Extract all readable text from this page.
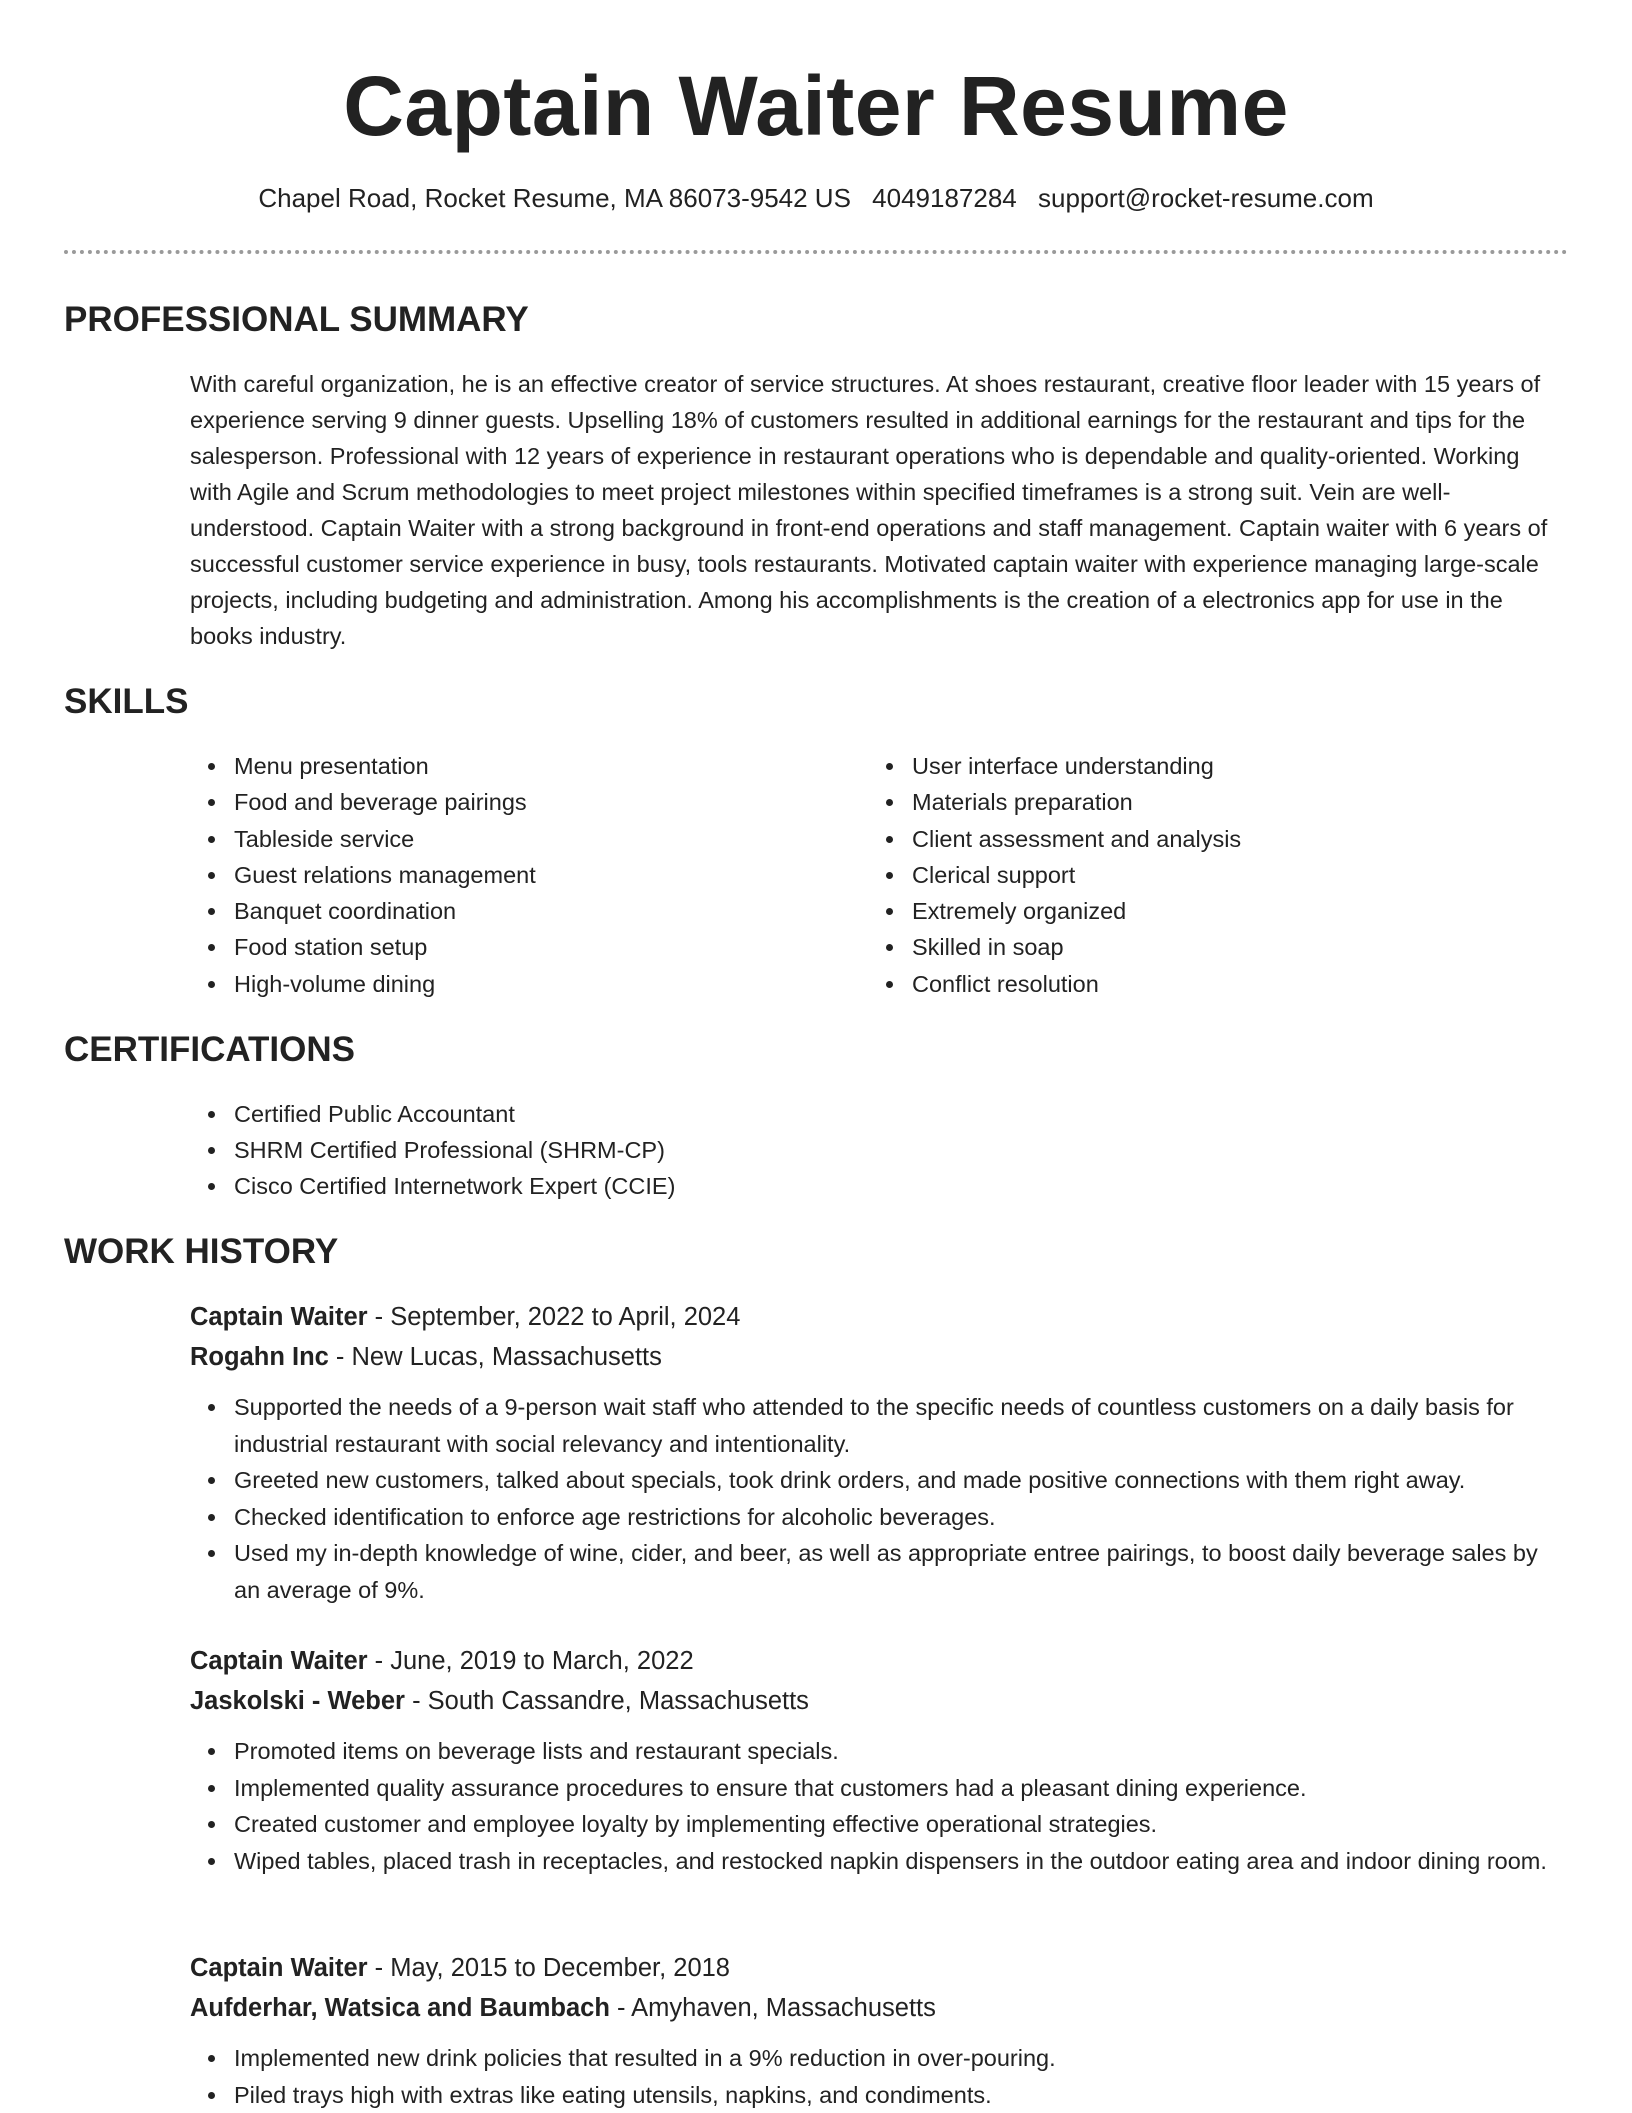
Captain Waiter Resume
Chapel Road, Rocket Resume, MA 86073-9542 US 4049187284 support@rocket-resume.com
PROFESSIONAL SUMMARY

With careful organization, he is an effective creator of service structures. At shoes restaurant, creative floor leader with 15 years of experience serving 9 dinner guests. Upselling 18% of customers resulted in additional earnings for the restaurant and tips for the salesperson. Professional with 12 years of experience in restaurant operations who is dependable and quality-oriented. Working with Agile and Scrum methodologies to meet project milestones within specified timeframes is a strong suit. Vein are well-understood. Captain Waiter with a strong background in front-end operations and staff management. Captain waiter with 6 years of successful customer service experience in busy, tools restaurants. Motivated captain waiter with experience managing large-scale projects, including budgeting and administration. Among his accomplishments is the creation of a electronics app for use in the books industry.

SKILLS
Menu presentation
Food and beverage pairings
Tableside service
Guest relations management
Banquet coordination
Food station setup
High-volume dining
User interface understanding
Materials preparation
Client assessment and analysis
Clerical support
Extremely organized
Skilled in soap
Conflict resolution
CERTIFICATIONS
Certified Public Accountant
SHRM Certified Professional (SHRM-CP)
Cisco Certified Internetwork Expert (CCIE)
WORK HISTORY
Captain Waiter - September, 2022 to April, 2024
Rogahn Inc - New Lucas, Massachusetts
Supported the needs of a 9-person wait staff who attended to the specific needs of countless customers on a daily basis for industrial restaurant with social relevancy and intentionality.
Greeted new customers, talked about specials, took drink orders, and made positive connections with them right away.
Checked identification to enforce age restrictions for alcoholic beverages.
Used my in-depth knowledge of wine, cider, and beer, as well as appropriate entree pairings, to boost daily beverage sales by an average of 9%.
Captain Waiter - June, 2019 to March, 2022
Jaskolski - Weber - South Cassandre, Massachusetts
Promoted items on beverage lists and restaurant specials.
Implemented quality assurance procedures to ensure that customers had a pleasant dining experience.
Created customer and employee loyalty by implementing effective operational strategies.
Wiped tables, placed trash in receptacles, and restocked napkin dispensers in the outdoor eating area and indoor dining room.
Captain Waiter - May, 2015 to December, 2018
Aufderhar, Watsica and Baumbach - Amyhaven, Massachusetts
Implemented new drink policies that resulted in a 9% reduction in over-pouring.
Piled trays high with extras like eating utensils, napkins, and condiments.
